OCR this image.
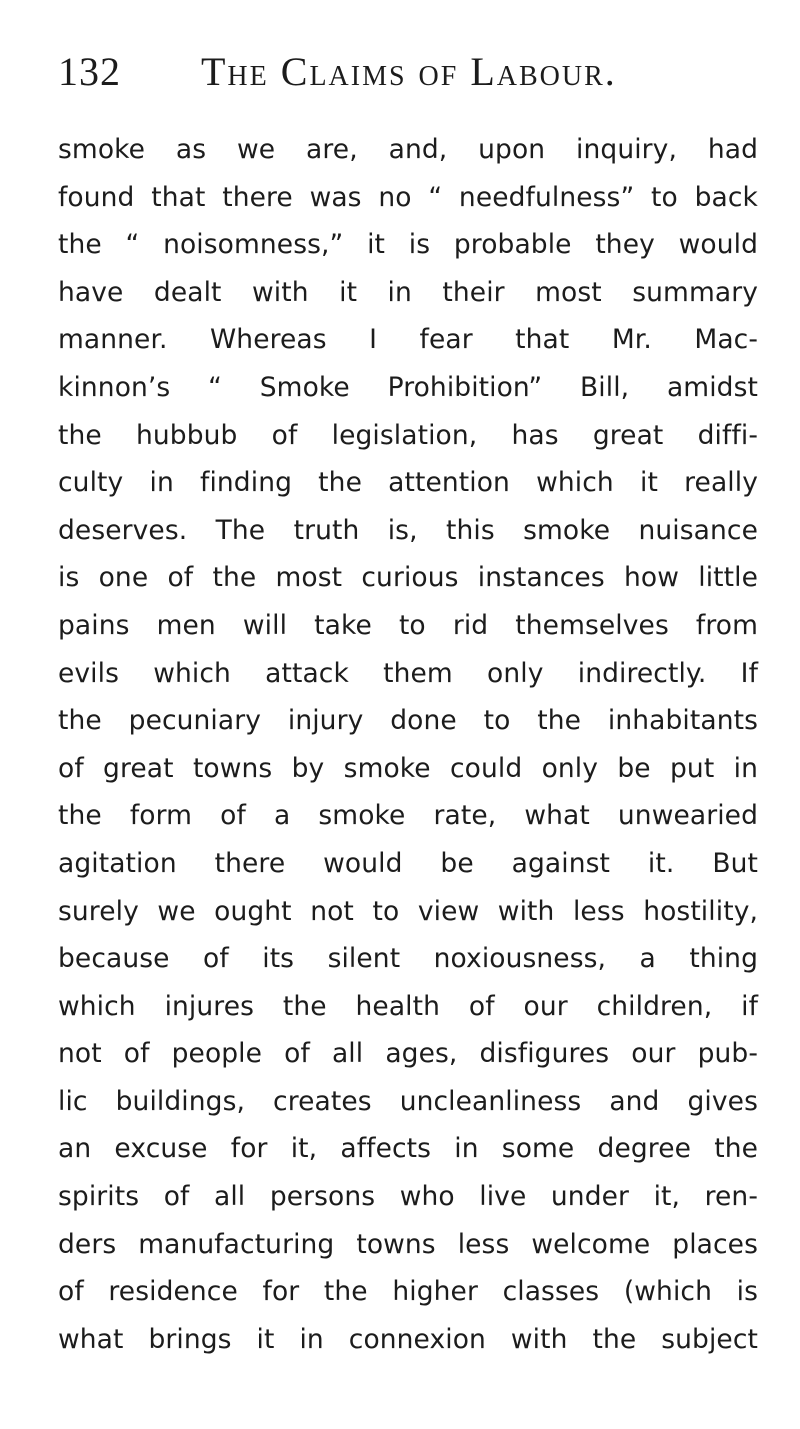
132 The Claims of Labour.
smoke as we are, and, upon inquiry, had
found that there was no “ needfulness” to back
the “ noisomness,” it is probable they would
have dealt with it in their most summary
manner. Whereas I fear that Mr. Mac-
kinnon’s “ Smoke Prohibition” Bill, amidst
the hubbub of legislation, has great diffi-
culty in finding the attention which it really
deserves. The truth is, this smoke nuisance
is one of the most curious instances how little
pains men will take to rid themselves from
evils which attack them only indirectly. If
the pecuniary injury done to the inhabitants
of great towns by smoke could only be put in
the form of a smoke rate, what unwearied
agitation there would be against it. But
surely we ought not to view with less hostility,
because of its silent noxiousness, a thing
which injures the health of our children, if
not of people of all ages, disfigures our pub-
lic buildings, creates uncleanliness and gives
an excuse for it, affects in some degree the
spirits of all persons who live under it, ren-
ders manufacturing towns less welcome places
of residence for the higher classes (which is
what brings it in connexion with the subject
